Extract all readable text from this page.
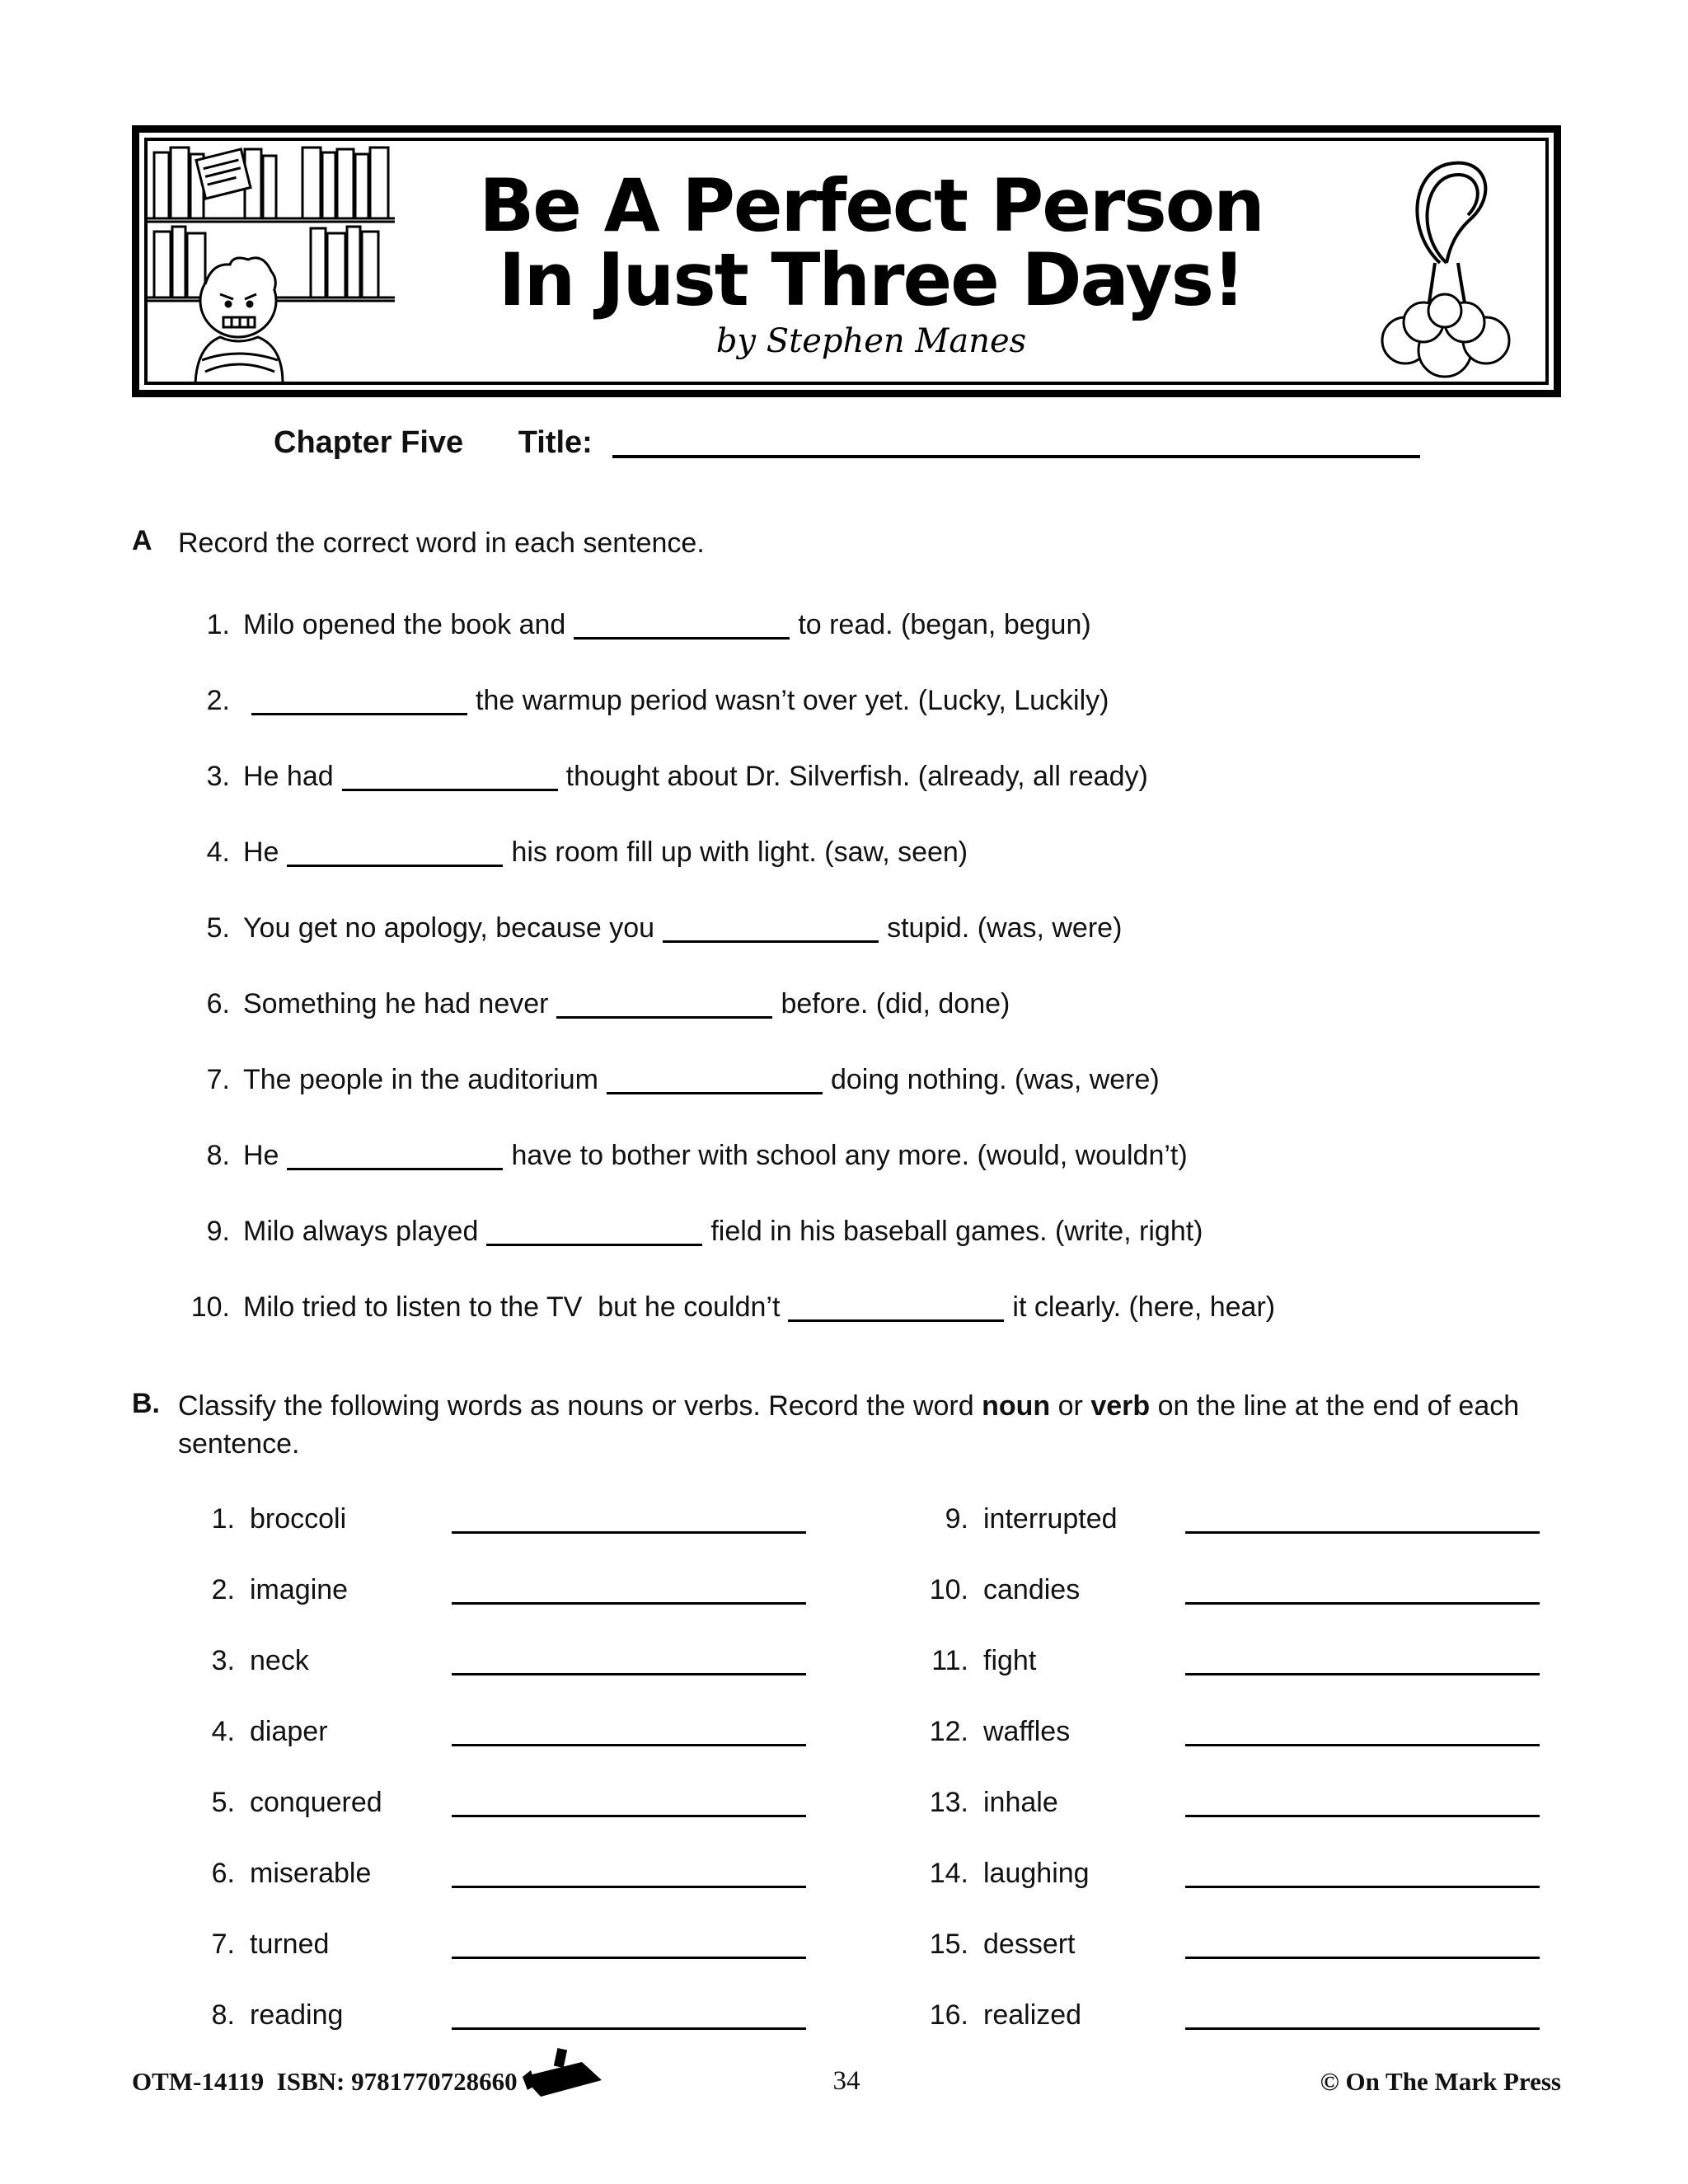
Be A Perfect Person
In Just Three Days!
by Stephen Manes
Chapter Five Title:
A Record the correct word in each sentence.
1. Milo opened the book and	to read. (began, begun)
2.	the warmup period wasn’t over yet. (Lucky, Luckily)
3. He had	thought about Dr. Silverfish. (already, all ready)
4. He	his room fill up with light. (saw, seen)
5. You get no apology, because you	stupid. (was, were)
6. Something he had never	before. (did, done)
7. The people in the auditorium	doing nothing. (was, were)
8. He	have to bother with school any more. (would, wouldn’t)
9. Milo always played	field in his baseball games. (write, right)
10. Milo tried to listen to the TV  but he couldn’t	it clearly. (here, hear)
B. Classify the following words as nouns or verbs. Record the word noun or verb on the line at the end of each sentence.
1. broccoli
2. imagine
3. neck
4. diaper
5. conquered
6. miserable
7. turned
8. reading
9. interrupted
10. candies
11. fight
12. waffles
13. inhale
14. laughing
15. dessert
16. realized
OTM-14119  ISBN: 9781770728660	34	© On The Mark Press
